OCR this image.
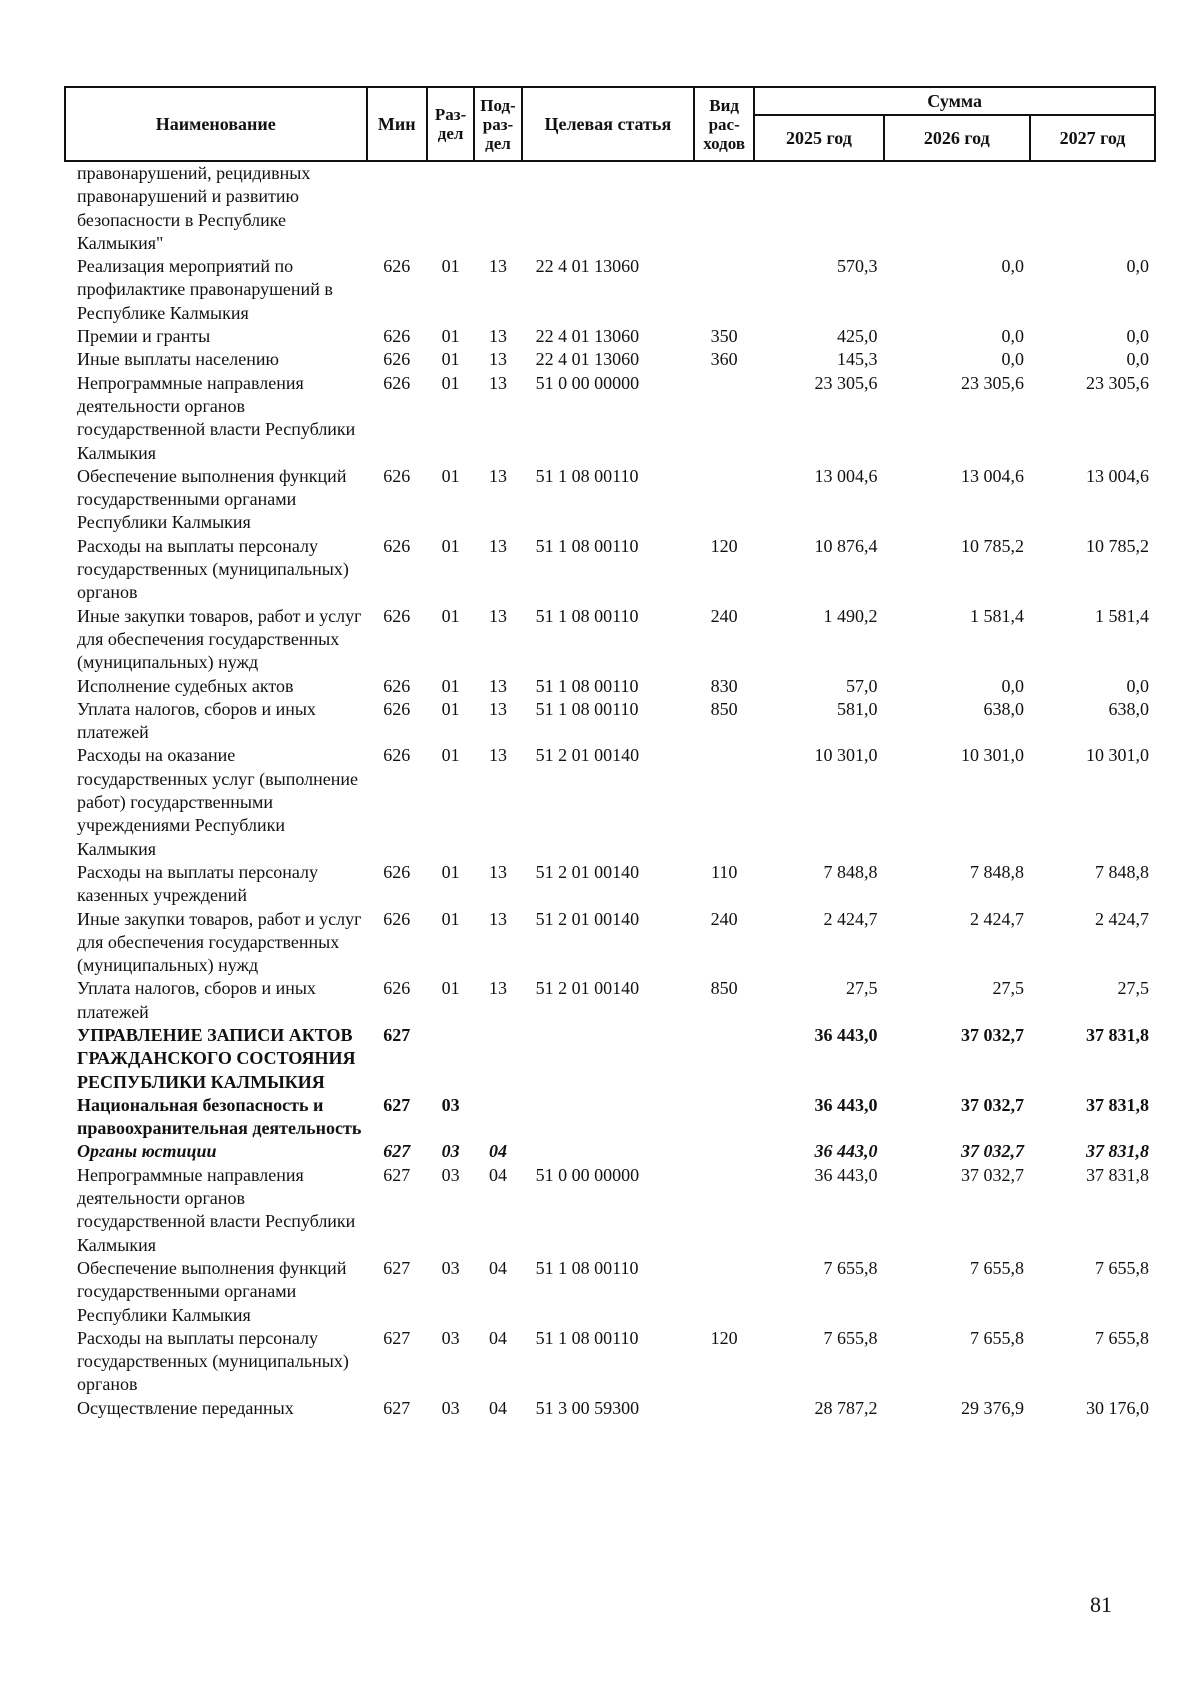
Наименование	Мин	Раз-дел	Под-раз-дел	Целевая статья	Вид рас-ходов	Сумма		
						2025 год	2026 год	2027 год
правонарушений, рецидивных правонарушений и развитию безопасности в Республике Калмыкия"								
Реализация мероприятий по профилактике правонарушений в Республике Калмыкия	626	01	13	22 4 01 13060		570,3	0,0	0,0
Премии и гранты	626	01	13	22 4 01 13060	350	425,0	0,0	0,0
Иные выплаты населению	626	01	13	22 4 01 13060	360	145,3	0,0	0,0
Непрограммные направления деятельности органов государственной власти Республики Калмыкия	626	01	13	51 0 00 00000		23 305,6	23 305,6	23 305,6
Обеспечение выполнения функций государственными органами Республики Калмыкия	626	01	13	51 1 08 00110		13 004,6	13 004,6	13 004,6
Расходы на выплаты персоналу государственных (муниципальных) органов	626	01	13	51 1 08 00110	120	10 876,4	10 785,2	10 785,2
Иные закупки товаров, работ и услуг для обеспечения государственных (муниципальных) нужд	626	01	13	51 1 08 00110	240	1 490,2	1 581,4	1 581,4
Исполнение судебных актов	626	01	13	51 1 08 00110	830	57,0	0,0	0,0
Уплата налогов, сборов и иных платежей	626	01	13	51 1 08 00110	850	581,0	638,0	638,0
Расходы на оказание государственных услуг (выполнение работ) государственными учреждениями Республики Калмыкия	626	01	13	51 2 01 00140		10 301,0	10 301,0	10 301,0
Расходы на выплаты персоналу казенных учреждений	626	01	13	51 2 01 00140	110	7 848,8	7 848,8	7 848,8
Иные закупки товаров, работ и услуг для обеспечения государственных (муниципальных) нужд	626	01	13	51 2 01 00140	240	2 424,7	2 424,7	2 424,7
Уплата налогов, сборов и иных платежей	626	01	13	51 2 01 00140	850	27,5	27,5	27,5
УПРАВЛЕНИЕ ЗАПИСИ АКТОВ ГРАЖДАНСКОГО СОСТОЯНИЯ РЕСПУБЛИКИ КАЛМЫКИЯ	627					36 443,0	37 032,7	37 831,8
Национальная безопасность и правоохранительная деятельность	627	03				36 443,0	37 032,7	37 831,8
Органы юстиции	627	03	04			36 443,0	37 032,7	37 831,8
Непрограммные направления деятельности органов государственной власти Республики Калмыкия	627	03	04	51 0 00 00000		36 443,0	37 032,7	37 831,8
Обеспечение выполнения функций государственными органами Республики Калмыкия	627	03	04	51 1 08 00110		7 655,8	7 655,8	7 655,8
Расходы на выплаты персоналу государственных (муниципальных) органов	627	03	04	51 1 08 00110	120	7 655,8	7 655,8	7 655,8
Осуществление переданных	627	03	04	51 3 00 59300		28 787,2	29 376,9	30 176,0
81
